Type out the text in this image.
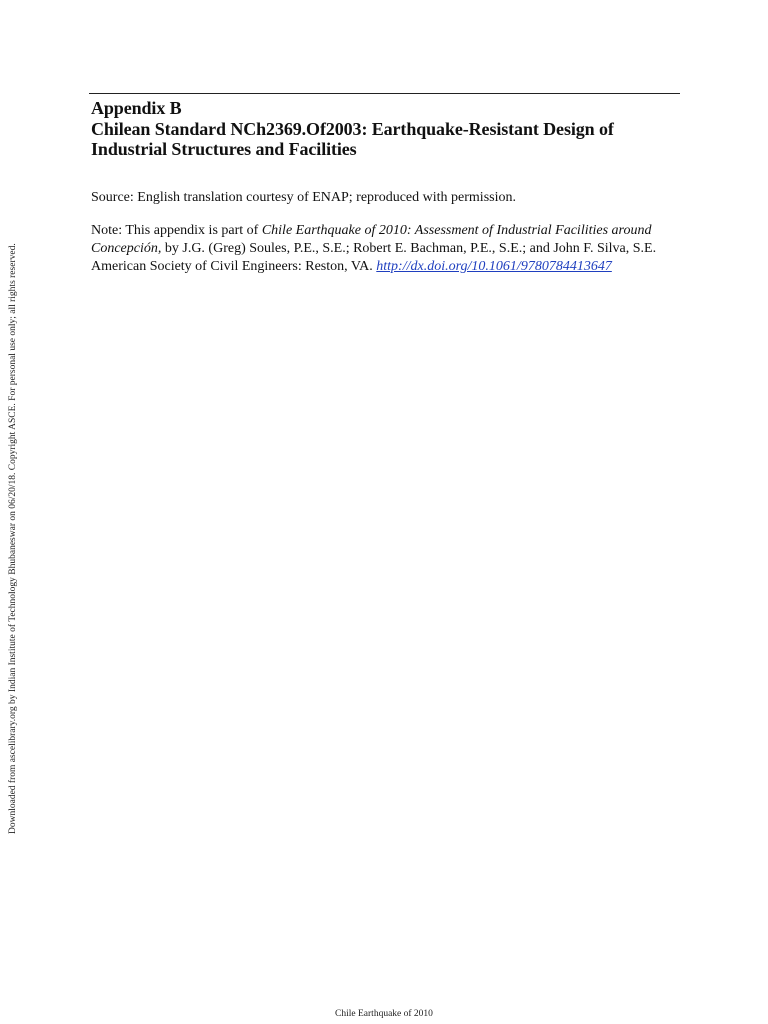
Appendix B
Chilean Standard NCh2369.Of2003: Earthquake-Resistant Design of
Industrial Structures and Facilities
Source: English translation courtesy of ENAP; reproduced with permission.
Note: This appendix is part of Chile Earthquake of 2010: Assessment of Industrial Facilities around
Concepción, by J.G. (Greg) Soules, P.E., S.E.; Robert E. Bachman, P.E., S.E.; and John F. Silva, S.E.
American Society of Civil Engineers: Reston, VA. http://dx.doi.org/10.1061/9780784413647
Downloaded from ascelibrary.org by Indian Institute of Technology Bhubaneswar on 06/20/18. Copyright ASCE. For personal use only; all rights reserved.
Chile Earthquake of 2010
